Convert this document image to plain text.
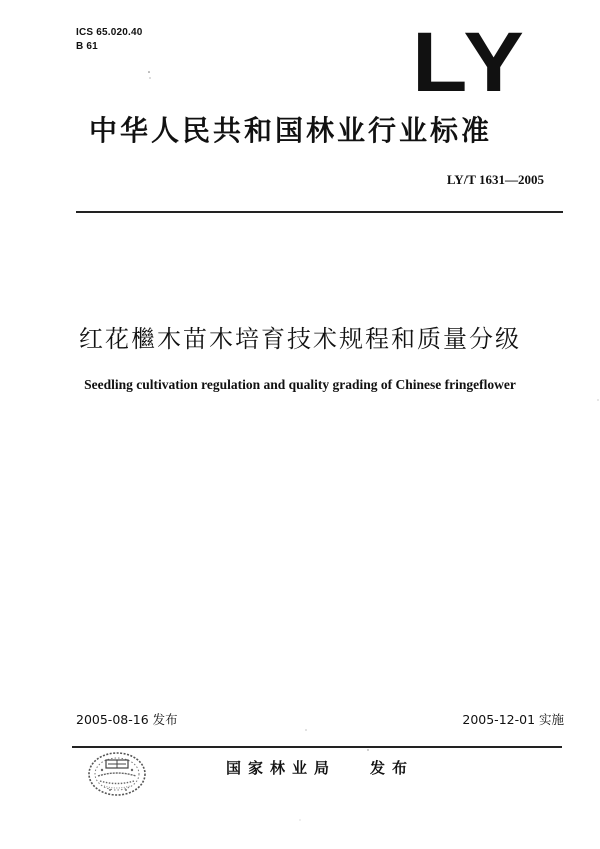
ICS 65.020.40
B 61	LY
中华人民共和国林业行业标准
LY/T 1631—2005
红花檵木苗木培育技术规程和质量分级
Seedling cultivation regulation and quality grading of Chinese fringeflower
2005-08-16 发布	2005-12-01 实施
国家林业局 发布
